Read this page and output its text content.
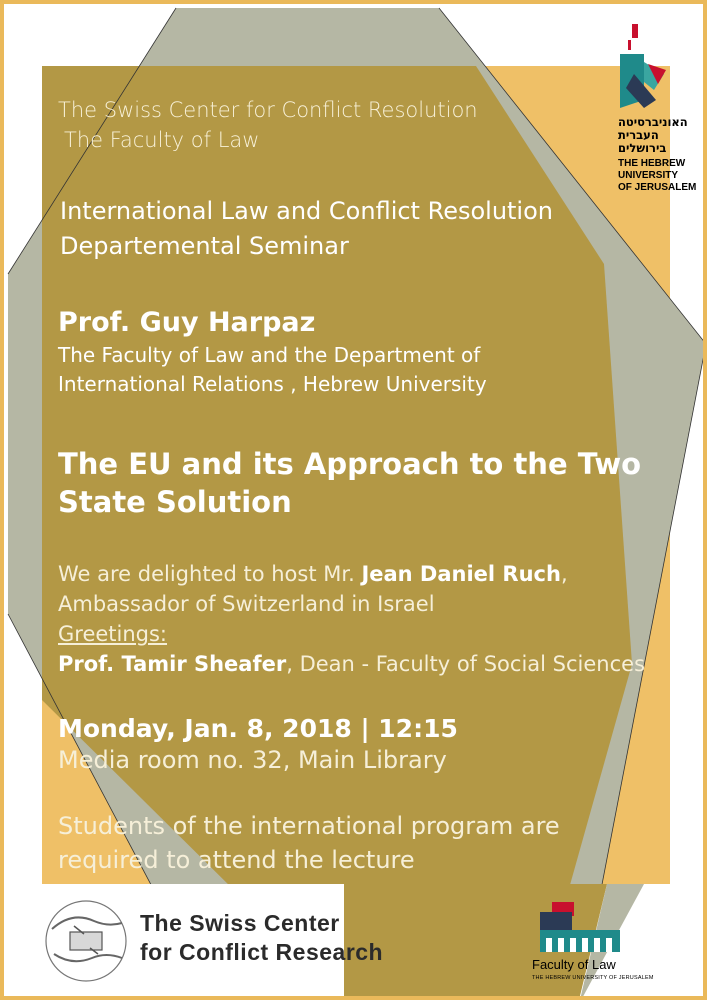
The Swiss Center for Conflict Resolution
The Faculty of Law
International Law and Conflict Resolution
Departemental Seminar
Prof. Guy Harpaz
The Faculty of Law and the Department of
International Relations , Hebrew University
The EU and its Approach to the Two
State Solution
We are delighted to host Mr. Jean Daniel Ruch,
Ambassador of Switzerland in Israel
Greetings:
Prof. Tamir Sheafer, Dean - Faculty of Social Sciences
Monday, Jan. 8, 2018 | 12:15
Media room no. 32, Main Library
Students of the international program are
required to attend the lecture
האוניברסיטה
העברית
בירושלים
THE HEBREW
UNIVERSITY
OF JERUSALEM
The Swiss Center
for Conflict Research	Faculty of Law
THE HEBREW UNIVERSITY OF JERUSALEM
